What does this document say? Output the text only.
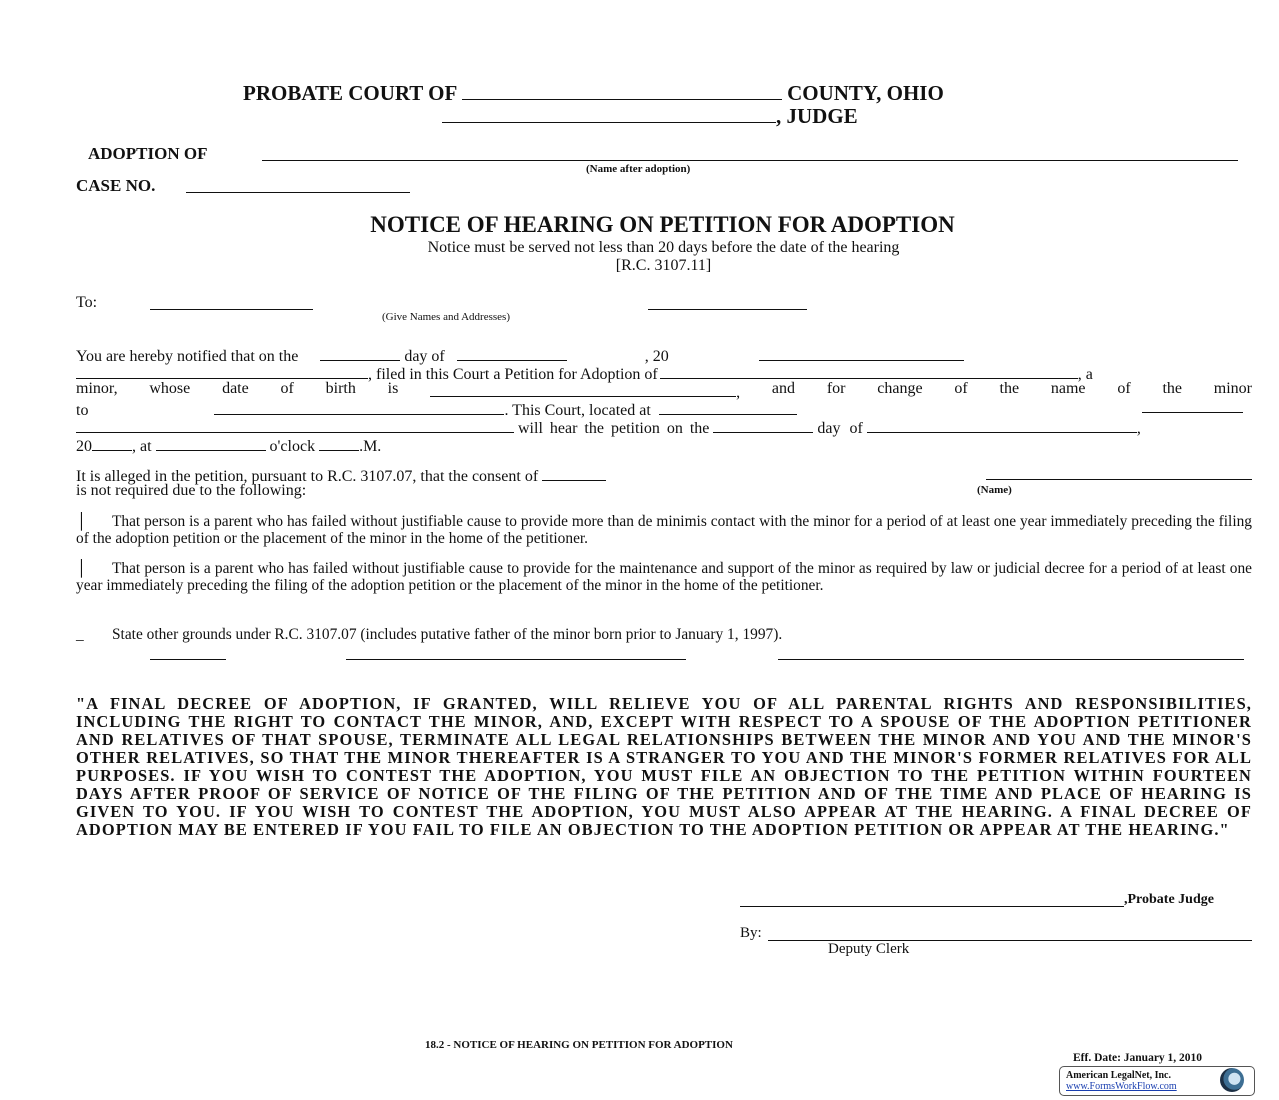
PROBATE COURT OF	COUNTY, OHIO
, JUDGE
ADOPTION OF
(Name after adoption)
CASE NO.
NOTICE OF HEARING ON PETITION FOR ADOPTION
Notice must be served not less than 20 days before the date of the hearing
[R.C. 3107.11]
To:
(Give Names and Addresses)
You are hereby notified that on the	day of	, 20
, filed in this Court a Petition for Adoption of	, a
minor, whose date of birth is	, and for change of the name of the minor
to	. This Court, located at
will hear the petition on the	day of	,
20	, at	o'clock	.M.
It is alleged in the petition, pursuant to R.C. 3107.07, that the consent of
is not required due to the following:	(Name)
│ That person is a parent who has failed without justifiable cause to provide more than de minimis contact with the minor for a period of at least one year immediately preceding the filing of the adoption petition or the placement of the minor in the home of the petitioner.
│ That person is a parent who has failed without justifiable cause to provide for the maintenance and support of the minor as required by law or judicial decree for a period of at least one year immediately preceding the filing of the adoption petition or the placement of the minor in the home of the petitioner.
_ State other grounds under R.C. 3107.07 (includes putative father of the minor born prior to January 1, 1997).
"A FINAL DECREE OF ADOPTION, IF GRANTED, WILL RELIEVE YOU OF ALL PARENTAL RIGHTS AND RESPONSIBILITIES, INCLUDING THE RIGHT TO CONTACT THE MINOR, AND, EXCEPT WITH RESPECT TO A SPOUSE OF THE ADOPTION PETITIONER AND RELATIVES OF THAT SPOUSE, TERMINATE ALL LEGAL RELATIONSHIPS BETWEEN THE MINOR AND YOU AND THE MINOR'S OTHER RELATIVES, SO THAT THE MINOR THEREAFTER IS A STRANGER TO YOU AND THE MINOR'S FORMER RELATIVES FOR ALL PURPOSES. IF YOU WISH TO CONTEST THE ADOPTION, YOU MUST FILE AN OBJECTION TO THE PETITION WITHIN FOURTEEN DAYS AFTER PROOF OF SERVICE OF NOTICE OF THE FILING OF THE PETITION AND OF THE TIME AND PLACE OF HEARING IS GIVEN TO YOU. IF YOU WISH TO CONTEST THE ADOPTION, YOU MUST ALSO APPEAR AT THE HEARING. A FINAL DECREE OF ADOPTION MAY BE ENTERED IF YOU FAIL TO FILE AN OBJECTION TO THE ADOPTION PETITION OR APPEAR AT THE HEARING."
,Probate Judge
By:
Deputy Clerk
18.2 - NOTICE OF HEARING ON PETITION FOR ADOPTION
Eff. Date: January 1, 2010
American LegalNet, Inc.
www.FormsWorkFlow.com
